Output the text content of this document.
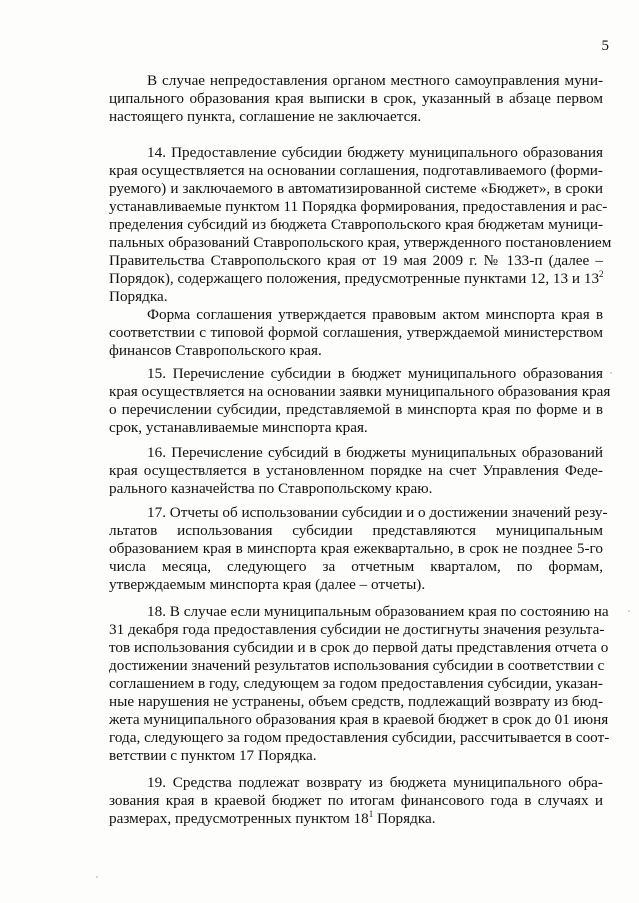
5
В случае непредоставления органом местного самоуправления муни-
ципального образования края выписки в срок, указанный в абзаце первом
настоящего пункта, соглашение не заключается.
14. Предоставление субсидии бюджету муниципального образования
края осуществляется на основании соглашения, подготавливаемого (форми-
руемого) и заключаемого в автоматизированной системе «Бюджет», в сроки
устанавливаемые пунктом 11 Порядка формирования, предоставления и рас-
пределения субсидий из бюджета Ставропольского края бюджетам муници-
пальных образований Ставропольского края, утвержденного постановлением
Правительства Ставропольского края от 19 мая 2009 г. № 133-п (далее –
Порядок), содержащего положения, предусмотренные пунктами 12, 13 и $13^2$
Порядка.
Форма соглашения утверждается правовым актом минспорта края в
соответствии с типовой формой соглашения, утверждаемой министерством
финансов Ставропольского края.
15. Перечисление субсидии в бюджет муниципального образования
края осуществляется на основании заявки муниципального образования края
о перечислении субсидии, представляемой в минспорта края по форме и в
срок, устанавливаемые минспорта края.
16. Перечисление субсидий в бюджеты муниципальных образований
края осуществляется в установленном порядке на счет Управления Федe-
рального казначейства по Ставропольскому краю.
17. Отчеты об использовании субсидии и о достижении значений резу-
льтатов использования субсидии представляются муниципальным
образованием края в минспорта края ежеквартально, в срок не позднее 5-го
числа месяца, следующего за отчетным кварталом, по формам,
утверждаемым минспорта края (далее – отчеты).
18. В случае если муниципальным образованием края по состоянию на
31 декабря года предоставления субсидии не достигнуты значения результа-
тов использования субсидии и в срок до первой даты представления отчета о
достижении значений результатов использования субсидии в соответствии с
соглашением в году, следующем за годом предоставления субсидии, указан-
ные нарушения не устранены, объем средств, подлежащий возврату из бюд-
жета муниципального образования края в краевой бюджет в срок до 01 июня
года, следующего за годом предоставления субсидии, рассчитывается в соот-
ветствии с пунктом 17 Порядка.
19. Средства подлежат возврату из бюджета муниципального обра-
зования края в краевой бюджет по итогам финансового года в случаях и
размерах, предусмотренных пунктом $18^1$ Порядка.
